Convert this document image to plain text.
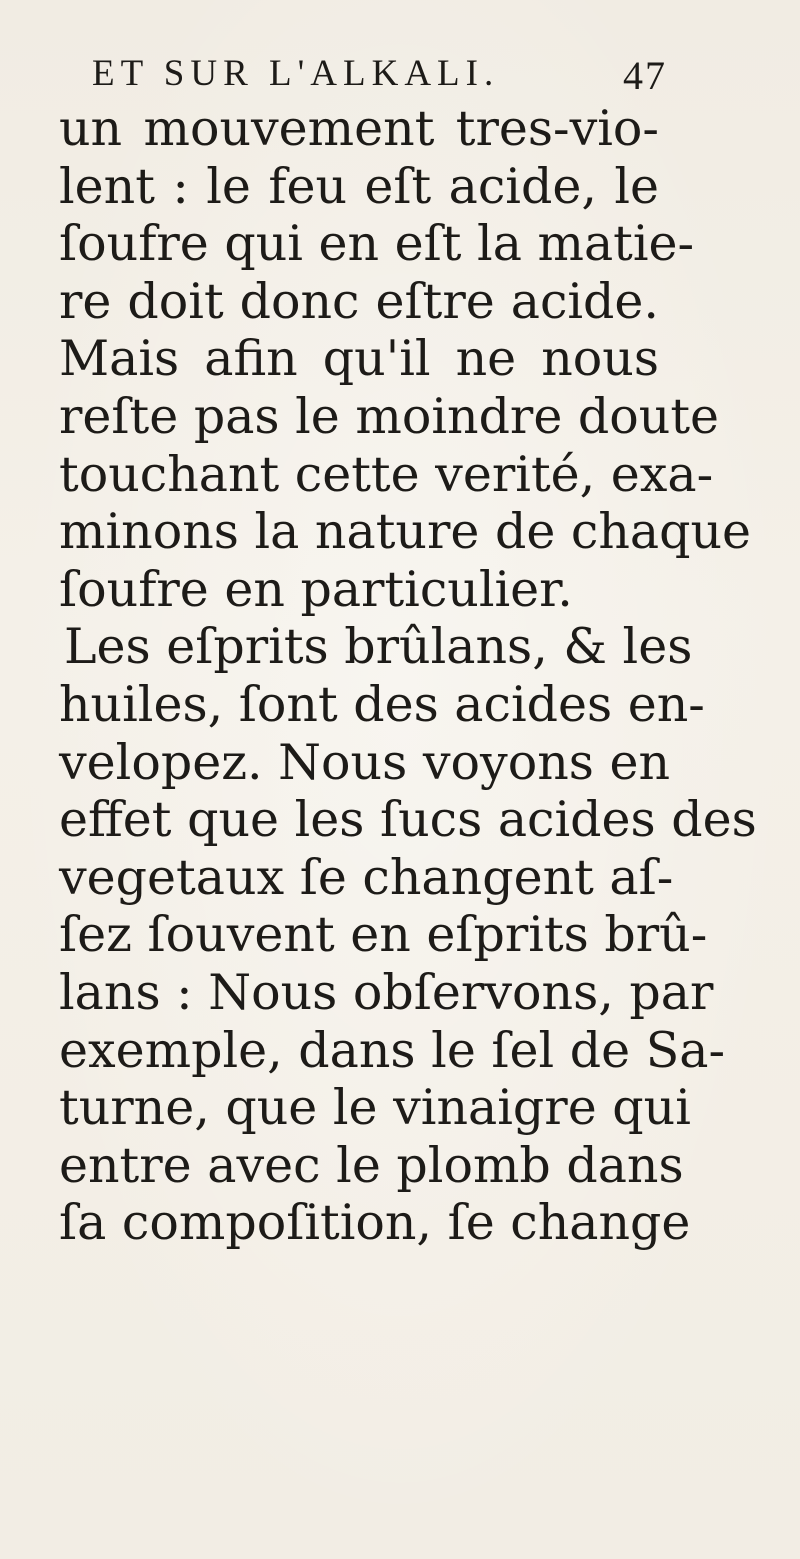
ET SUR L'ALKALI.	47
un mouvement tres-vio-
lent : le feu eſt acide, le
ſoufre qui en eſt la matie-
re doit donc eſtre acide.
Mais afin qu'il ne nous
reſte pas le moindre doute
touchant cette verité, exa-
minons la nature de chaque
ſoufre en particulier.
Les eſprits brûlans, & les
huiles, ſont des acides en-
velopez. Nous voyons en
effet que les ſucs acides des
vegetaux ſe changent aſ-
ſez ſouvent en eſprits brû-
lans : Nous obſervons, par
exemple, dans le ſel de Sa-
turne, que le vinaigre qui
entre avec le plomb dans
ſa compoſition, ſe change
